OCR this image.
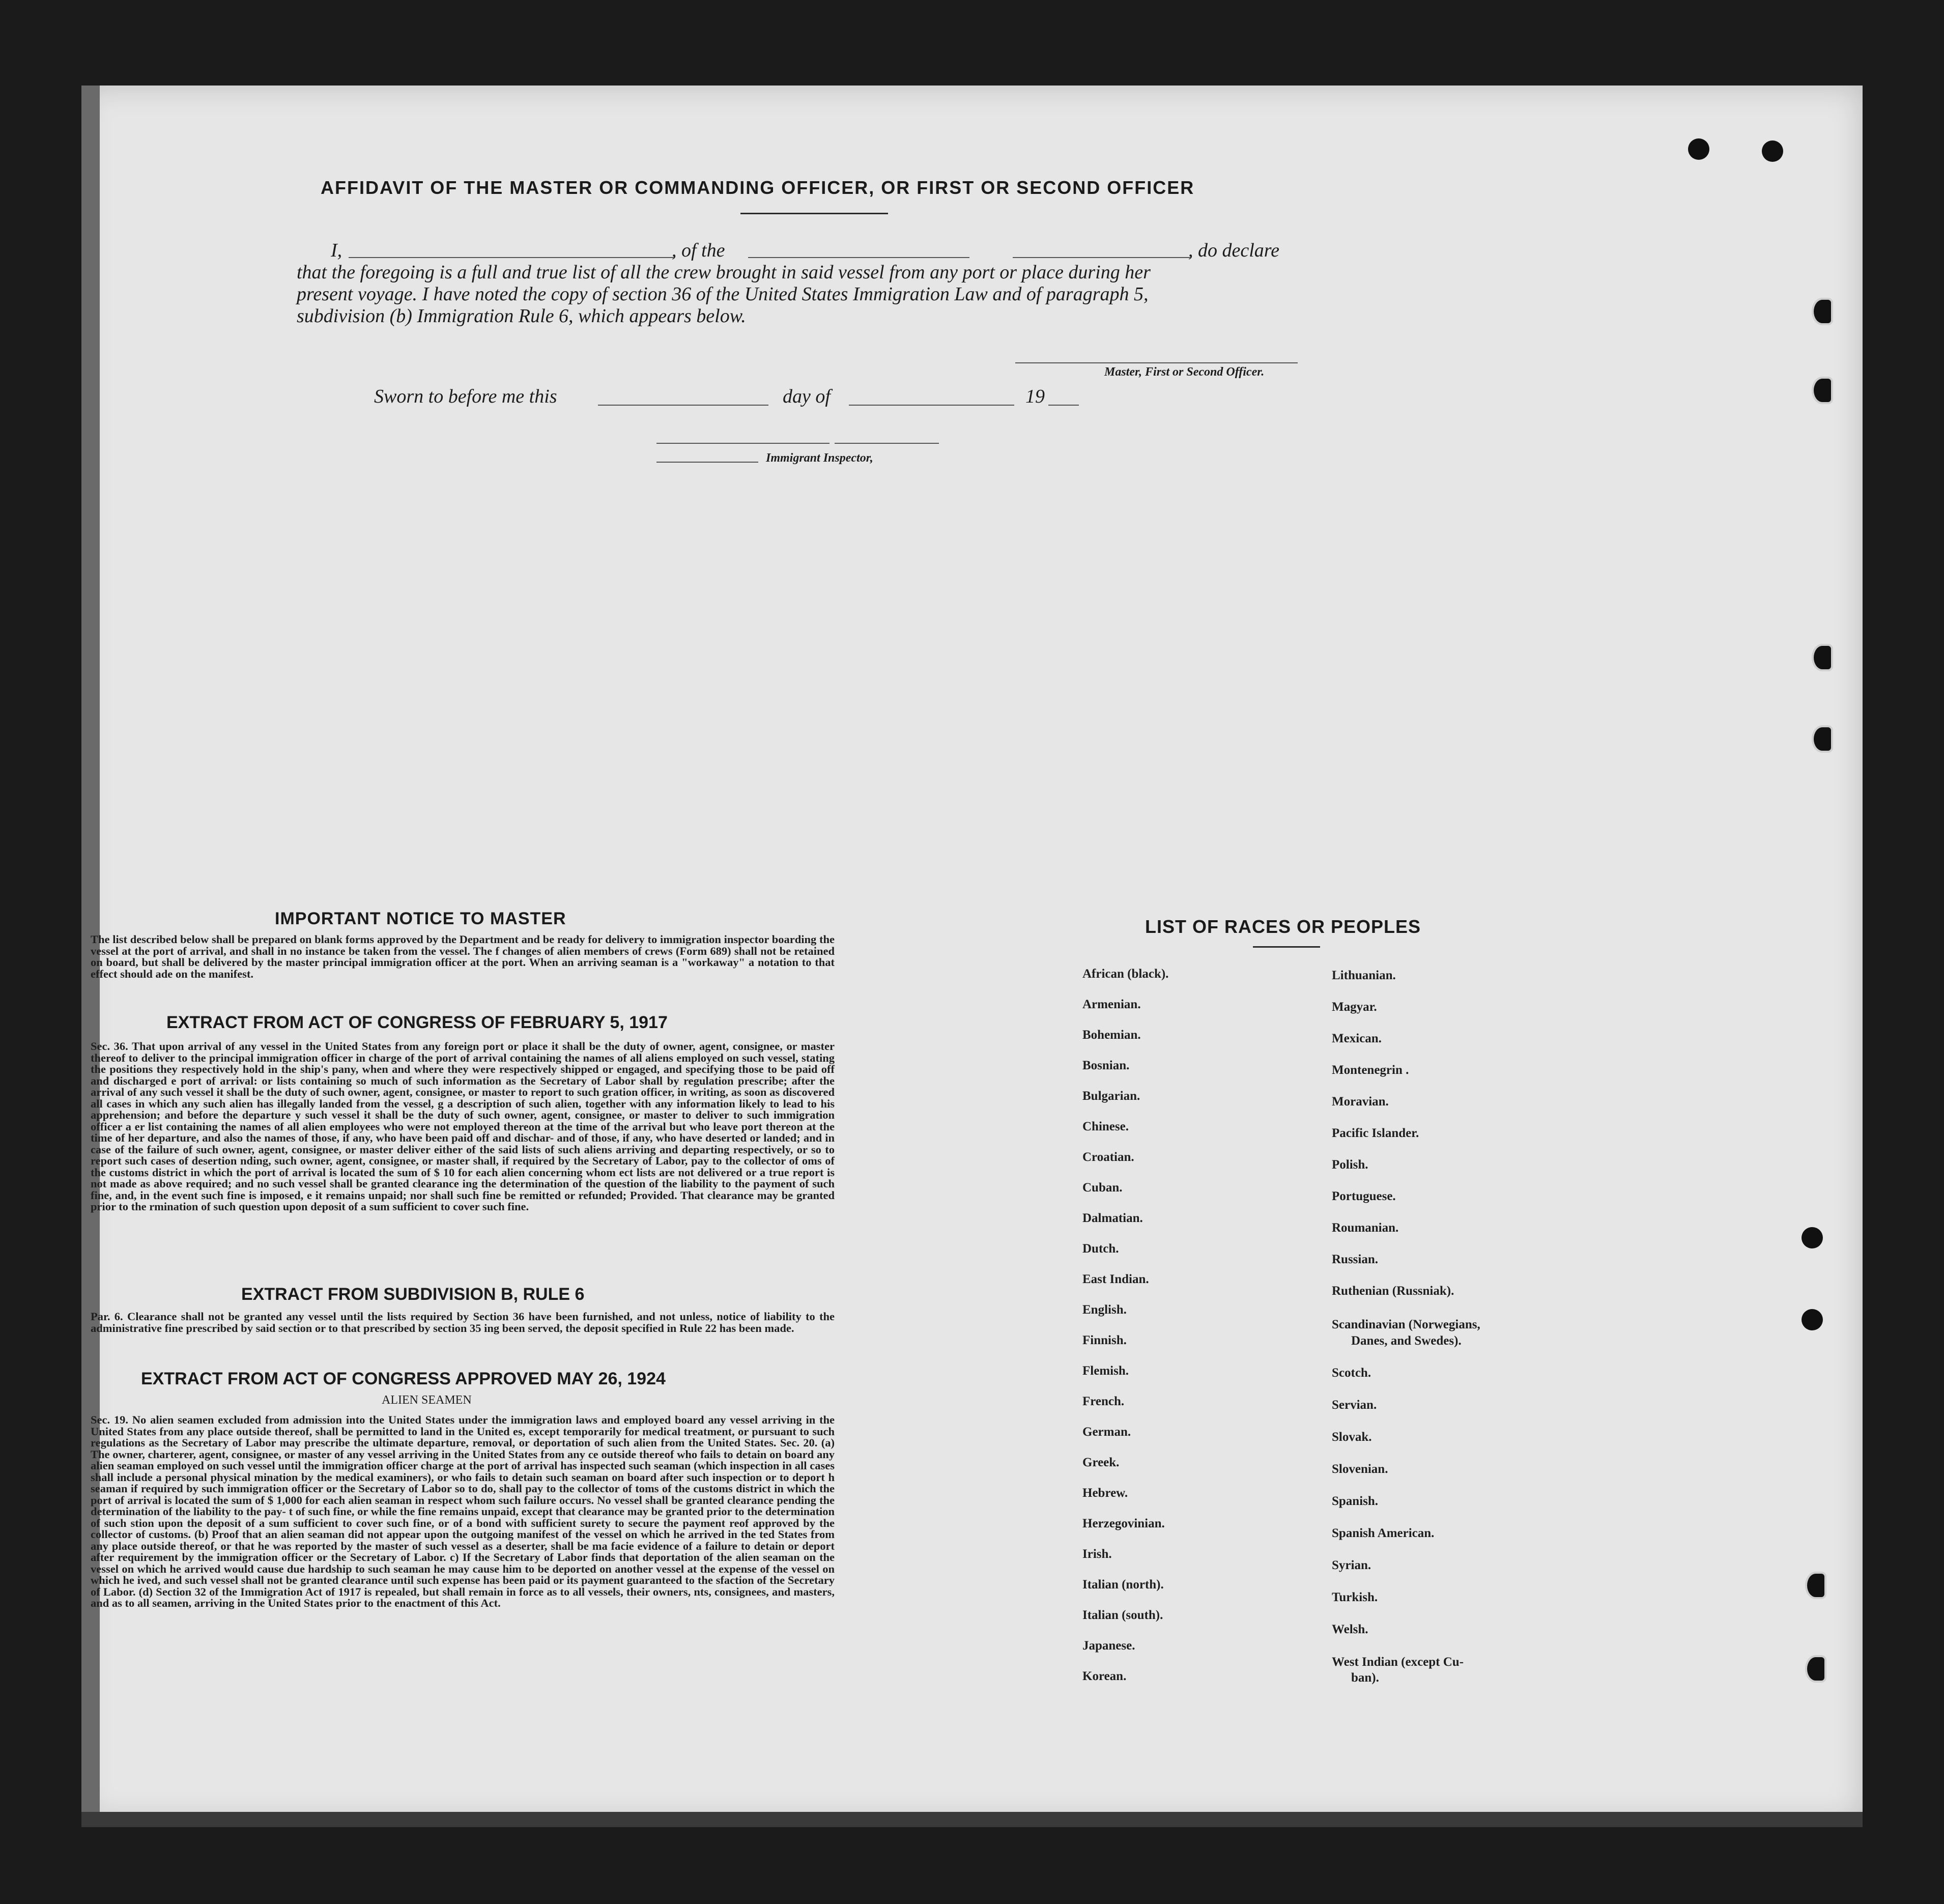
AFFIDAVIT OF THE MASTER OR COMMANDING OFFICER, OR FIRST OR SECOND OFFICER
I,	, of the	, do declare
that the foregoing is a full and true list of all the crew brought in said vessel from any port or place during her
present voyage. I have noted the copy of section 36 of the United States Immigration Law and of paragraph 5,
subdivision (b) Immigration Rule 6, which appears below.
Master, First or Second Officer.
Sworn to before me this	day of	19
Immigrant Inspector,
IMPORTANT NOTICE TO MASTER
The list described below shall be prepared on blank forms approved by the Department and be ready for delivery to immigration inspector boarding the vessel at the port of arrival, and shall in no instance be taken from the vessel. The f changes of alien members of crews (Form 689) shall not be retained on board, but shall be delivered by the master principal immigration officer at the port. When an arriving seaman is a "workaway" a notation to that effect should ade on the manifest.
EXTRACT FROM ACT OF CONGRESS OF FEBRUARY 5, 1917
Sec. 36. That upon arrival of any vessel in the United States from any foreign port or place it shall be the duty of owner, agent, consignee, or master thereof to deliver to the principal immigration officer in charge of the port of arrival containing the names of all aliens employed on such vessel, stating the positions they respectively hold in the ship's pany, when and where they were respectively shipped or engaged, and specifying those to be paid off and discharged e port of arrival: or lists containing so much of such information as the Secretary of Labor shall by regulation prescribe; after the arrival of any such vessel it shall be the duty of such owner, agent, consignee, or master to report to such gration officer, in writing, as soon as discovered all cases in which any such alien has illegally landed from the vessel, g a description of such alien, together with any information likely to lead to his apprehension; and before the departure y such vessel it shall be the duty of such owner, agent, consignee, or master to deliver to such immigration officer a er list containing the names of all alien employees who were not employed thereon at the time of the arrival but who leave port thereon at the time of her departure, and also the names of those, if any, who have been paid off and dischar- and of those, if any, who have deserted or landed; and in case of the failure of such owner, agent, consignee, or master deliver either of the said lists of such aliens arriving and departing respectively, or so to report such cases of desertion nding, such owner, agent, consignee, or master shall, if required by the Secretary of Labor, pay to the collector of oms of the customs district in which the port of arrival is located the sum of $ 10 for each alien concerning whom ect lists are not delivered or a true report is not made as above required; and no such vessel shall be granted clearance ing the determination of the question of the liability to the payment of such fine, and, in the event such fine is imposed, e it remains unpaid; nor shall such fine be remitted or refunded; Provided. That clearance may be granted prior to the rmination of such question upon deposit of a sum sufficient to cover such fine.
EXTRACT FROM SUBDIVISION B, RULE 6
Par. 6. Clearance shall not be granted any vessel until the lists required by Section 36 have been furnished, and not unless, notice of liability to the administrative fine prescribed by said section or to that prescribed by section 35 ing been served, the deposit specified in Rule 22 has been made.
EXTRACT FROM ACT OF CONGRESS APPROVED MAY 26, 1924
ALIEN SEAMEN
Sec. 19. No alien seamen excluded from admission into the United States under the immigration laws and employed board any vessel arriving in the United States from any place outside thereof, shall be permitted to land in the United es, except temporarily for medical treatment, or pursuant to such regulations as the Secretary of Labor may prescribe the ultimate departure, removal, or deportation of such alien from the United States. Sec. 20. (a) The owner, charterer, agent, consignee, or master of any vessel arriving in the United States from any ce outside thereof who fails to detain on board any alien seaman employed on such vessel until the immigration officer charge at the port of arrival has inspected such seaman (which inspection in all cases shall include a personal physical mination by the medical examiners), or who fails to detain such seaman on board after such inspection or to deport h seaman if required by such immigration officer or the Secretary of Labor so to do, shall pay to the collector of toms of the customs district in which the port of arrival is located the sum of $ 1,000 for each alien seaman in respect whom such failure occurs. No vessel shall be granted clearance pending the determination of the liability to the pay- t of such fine, or while the fine remains unpaid, except that clearance may be granted prior to the determination of such stion upon the deposit of a sum sufficient to cover such fine, or of a bond with sufficient surety to secure the payment reof approved by the collector of customs. (b) Proof that an alien seaman did not appear upon the outgoing manifest of the vessel on which he arrived in the ted States from any place outside thereof, or that he was reported by the master of such vessel as a deserter, shall be ma facie evidence of a failure to detain or deport after requirement by the immigration officer or the Secretary of Labor. c) If the Secretary of Labor finds that deportation of the alien seaman on the vessel on which he arrived would cause due hardship to such seaman he may cause him to be deported on another vessel at the expense of the vessel on which he ived, and such vessel shall not be granted clearance until such expense has been paid or its payment guaranteed to the sfaction of the Secretary of Labor. (d) Section 32 of the Immigration Act of 1917 is repealed, but shall remain in force as to all vessels, their owners, nts, consignees, and masters, and as to all seamen, arriving in the United States prior to the enactment of this Act.
LIST OF RACES OR PEOPLES
African (black).
Armenian.
Bohemian.
Bosnian.
Bulgarian.
Chinese.
Croatian.
Cuban.
Dalmatian.
Dutch.
East Indian.
English.
Finnish.
Flemish.
French.
German.
Greek.
Hebrew.
Herzegovinian.
Irish.
Italian (north).
Italian (south).
Japanese.
Korean.
Lithuanian.
Magyar.
Mexican.
Montenegrin .
Moravian.
Pacific Islander.
Polish.
Portuguese.
Roumanian.
Russian.
Ruthenian (Russniak).
Scandinavian (Norwegians,
Danes, and Swedes).
Scotch.
Servian.
Slovak.
Slovenian.
Spanish.
Spanish American.
Syrian.
Turkish.
Welsh.
West Indian (except Cu-
ban).
